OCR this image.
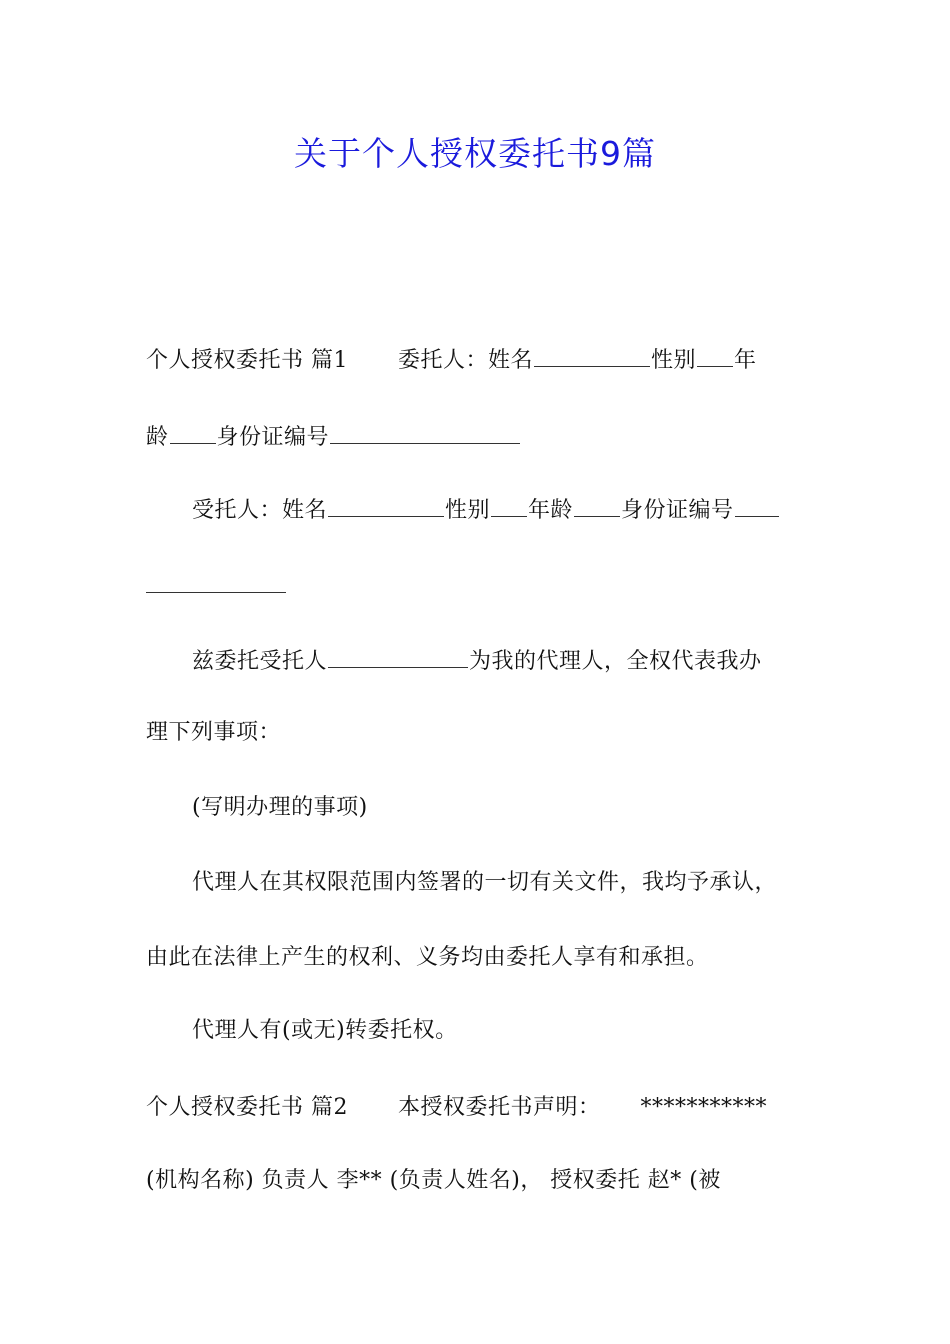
关于个人授权委托书9篇
个人授权委托书 篇1 委托人：姓名	性别 年
龄 身份证编号
受托人：姓名	性别 年龄 身份证编号
兹委托受托人	为我的代理人，全权代表我办
理下列事项：
(写明办理的事项)
代理人在其权限范围内签署的一切有关文件，我均予承认，
由此在法律上产生的权利、义务均由委托人享有和承担。
代理人有(或无)转委托权。
个人授权委托书 篇2 本授权委托书声明： ***********
(机构名称) 负责人 李** (负责人姓名)， 授权委托 赵* (被
